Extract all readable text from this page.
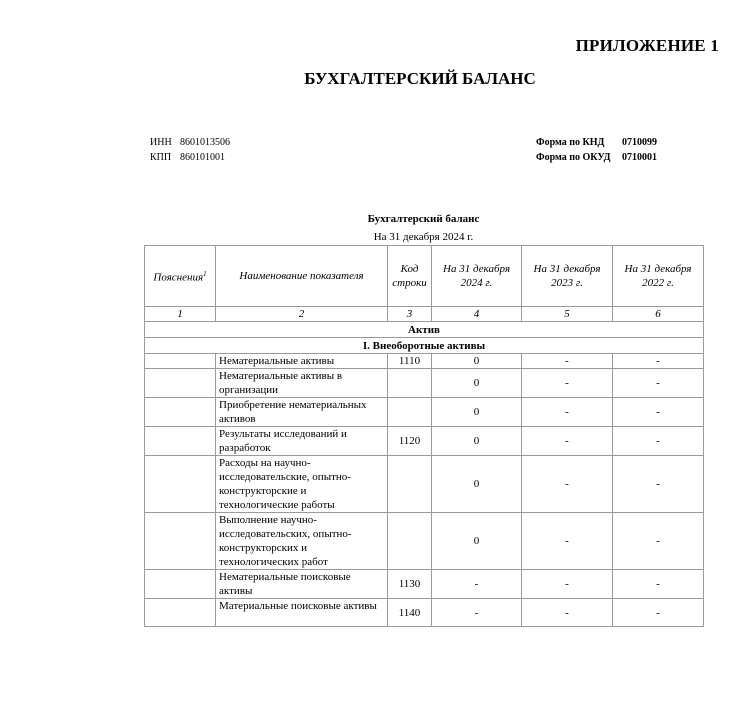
ПРИЛОЖЕНИЕ 1
БУХГАЛТЕРСКИЙ БАЛАНС
ИНН 8601013506
КПП 860101001
Форма по КНД 0710099
Форма по ОКУД 0710001
Бухгалтерский баланс
На 31 декабря 2024 г.
Пояснения$^1$	Наименование показателя	Код строки	На 31 декабря 2024 г.	На 31 декабря 2023 г.	На 31 декабря 2022 г.
1	2	3	4	5	6
Актив					
I. Внеоборотные активы					
	Нематериальные активы	1110	0	-	-
	Нематериальные активы в организации		0	-	-
	Приобретение нематериальных активов		0	-	-
	Результаты исследований и разработок	1120	0	-	-
	Расходы на научно-исследовательские, опытно-конструкторские и технологические работы		0	-	-
	Выполнение научно-исследовательских, опытно-конструкторских и технологических работ		0	-	-
	Нематериальные поисковые активы	1130	-	-	-
	Материальные поисковые активы	1140	-	-	-
